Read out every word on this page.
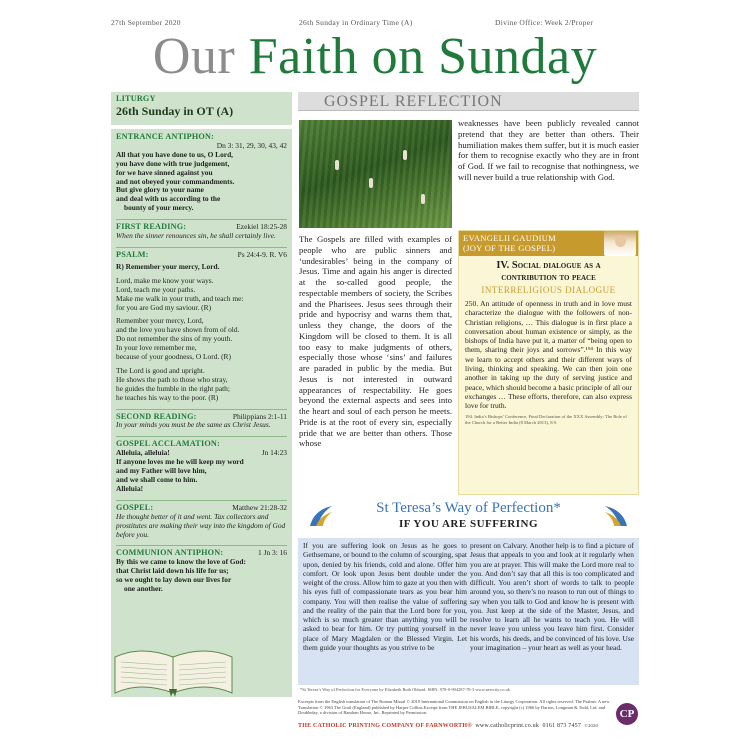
27th September 2020	26th Sunday in Ordinary Time (A)	Divine Office: Week 2/Proper
Our Faith on Sunday
LITURGY
26th Sunday in OT (A)
ENTRANCE ANTIPHON:
Dn 3: 31, 29, 30, 43, 42
All that you have done to us, O Lord,
you have done with true judgement,
for we have sinned against you
and not obeyed your commandments.
But give glory to your name
and deal with us according to the
bounty of your mercy.
FIRST READING:	Ezekiel 18:25-28
When the sinner renounces sin, he shall certainly live.
PSALM:	Ps 24:4-9. R. V6
R) Remember your mercy, Lord.
Lord, make me know your ways.
Lord, teach me your paths.
Make me walk in your truth, and teach me:
for you are God my saviour. (R)
Remember your mercy, Lord,
and the love you have shown from of old.
Do not remember the sins of my youth.
In your love remember me,
because of your goodness, O Lord. (R)
The Lord is good and upright.
He shows the path to those who stray,
he guides the humble in the right path;
he teaches his way to the poor. (R)
SECOND READING:	Philippians 2:1-11
In your minds you must be the same as Christ Jesus.
GOSPEL ACCLAMATION:
Alleluia, alleluia!	Jn 14:23
If anyone loves me he will keep my word
and my Father will love him,
and we shall come to him.
Alleluia!
GOSPEL:	Matthew 21:28-32
He thought better of it and went. Tax collectors and prostitutes are making their way into the kingdom of God before you.
COMMUNION ANTIPHON:	1 Jn 3: 16
By this we came to know the love of God:
that Christ laid down his life for us;
so we ought to lay down our lives for
one another.
GOSPEL REFLECTION
The Gospels are filled with examples of people who are public sinners and ‘undesirables’ being in the company of Jesus. Time and again his anger is directed at the so-called good people, the respectable members of society, the Scribes and the Pharisees. Jesus sees through their pride and hypocrisy and warns them that, unless they change, the doors of the Kingdom will be closed to them. It is all too easy to make judgments of others, especially those whose ‘sins’ and failures are paraded in public by the media. But Jesus is not interested in outward appearances of respectability. He goes beyond the external aspects and sees into the heart and soul of each person he meets. Pride is at the root of every sin, especially pride that we are better than others. Those whose
weaknesses have been publicly revealed cannot pretend that they are better than others. Their humiliation makes them suffer, but it is much easier for them to recognise exactly who they are in front of God. If we fail to recognise that nothingness, we will never build a true relationship with God.
EVANGELII GAUDIUM
(JOY OF THE GOSPEL)
IV. Social dialogue as a
contribution to peace
INTERRELIGIOUS DIALOGUE
250. An attitude of openness in truth and in love must characterize the dialogue with the followers of non-Christian religions, … This dialogue is in first place a conversation about human existence or simply, as the bishops of India have put it, a matter of “being open to them, sharing their joys and sorrows”.¹⁹⁴ In this way we learn to accept others and their different ways of living, thinking and speaking. We can then join one another in taking up the duty of serving justice and peace, which should become a basic principle of all our exchanges … These efforts, therefore, can also express love for truth.
194. India’s Bishops’ Conference, Final Declaration of the XXX Assembly: The Role of the Church for a Better India (8 March 2013), 8.9.
St Teresa’s Way of Perfection*
IF YOU ARE SUFFERING
If you are suffering look on Jesus as he goes to Gethsemane, or bound to the column of scourging, spat upon, denied by his friends, cold and alone. Offer him comfort. Or look upon Jesus bent double under the weight of the cross. Allow him to gaze at you then with his eyes full of compassionate tears as you bear him company. You will then realise the value of suffering and the reality of the pain that the Lord bore for you, which is so much greater than anything you will be asked to bear for him. Or try putting yourself in the place of Mary Magdalen or the Blessed Virgin. Let them guide your thoughts as you strive to be
present on Calvary. Another help is to find a picture of Jesus that appeals to you and look at it regularly when you are at prayer. This will make the Lord more real to you. And don’t say that all this is too complicated and difficult. You aren’t short of words to talk to people around you, so there’s no reason to run out of things to say when you talk to God and know he is present with you. Just keep at the side of the Master, Jesus, and resolve to learn all he wants to teach you. He will never leave you unless you leave him first. Consider his words, his deeds, and be convinced of his love. Use your imagination – your heart as well as your head.
*St Teresa’s Way of Perfection for Everyone by Elizabeth Ruth Obbard. ISBN: 978-0-904287-78-3 www.newcity.co.uk
Excerpts from the English translation of The Roman Missal © 2010 International Commission on English in the Liturgy Corporation. All rights reserved. The Psalms: A new Translation © 1963 The Grail (England) published by Harper Collins.Excerpt from THE JERUSALEM BIBLE, copyright (c) 1966 by Darton, Longman & Todd, Ltd. and Doubleday, a division of Random House, Inc. Reprinted by Permission.
THE CATHOLIC PRINTING COMPANY OF FARNWORTH® www.catholicprint.co.uk 0161 873 7457 ©2020
CP
